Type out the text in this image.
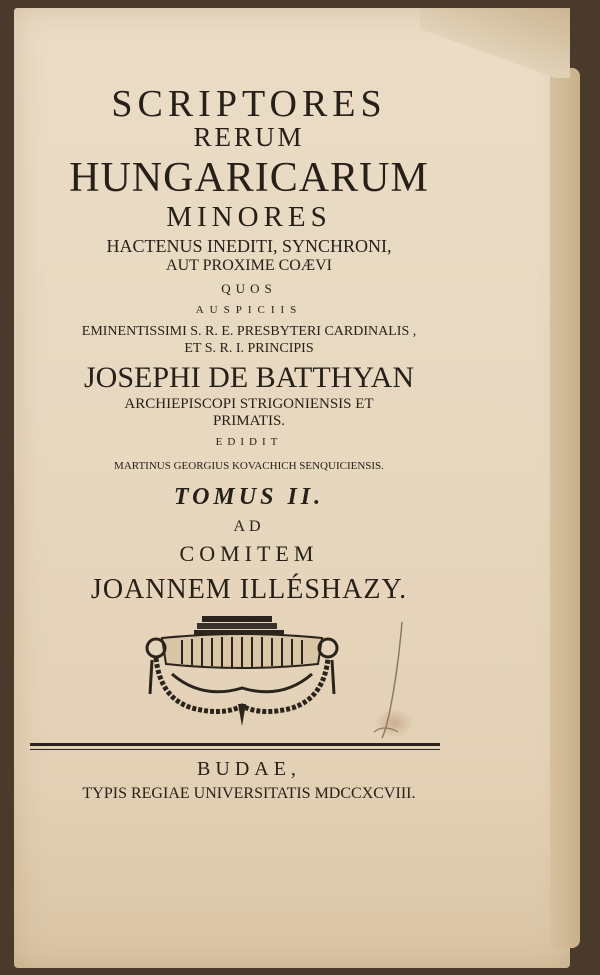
SCRIPTORES
RERUM
HUNGARICARUM
MINORES
HACTENUS INEDITI, SYNCHRONI,
AUT PROXIME COÆVI
QUOS
AUSPICIIS
EMINENTISSIMI S. R. E. PRESBYTERI CARDINALIS ,
ET S. R. I. PRINCIPIS
JOSEPHI DE BATTHYAN
ARCHIEPISCOPI STRIGONIENSIS ET
PRIMATIS.
EDIDIT
MARTINUS GEORGIUS KOVACHICH SENQUICIENSIS.
TOMUS II.
AD
COMITEM
JOANNEM ILLÉSHAZY.
BUDAE,
TYPIS REGIAE UNIVERSITATIS MDCCXCVIII.
